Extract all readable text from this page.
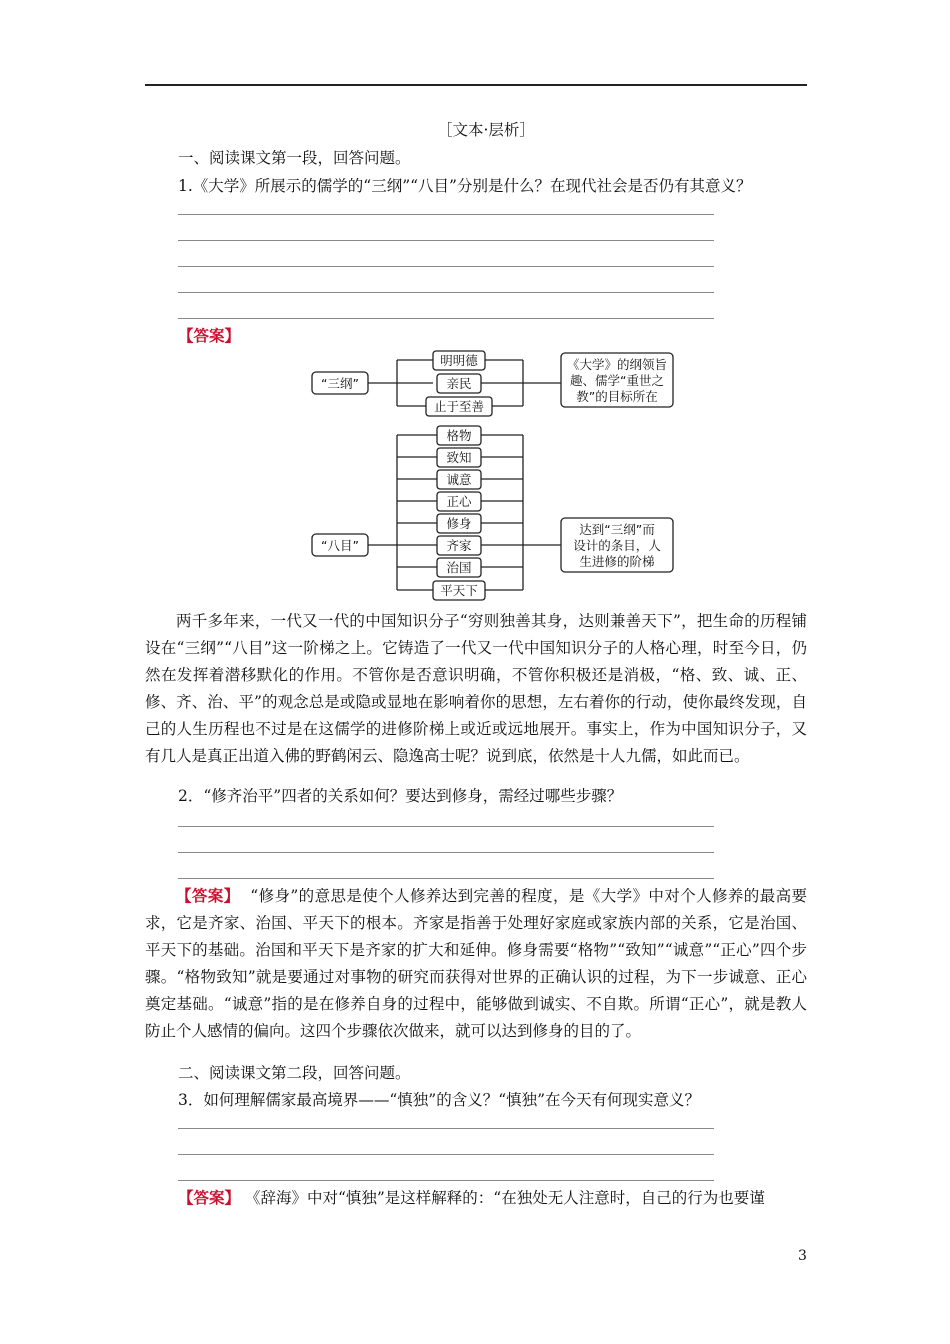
［文本·层析］
一、阅读课文第一段，回答问题。
1.《大学》所展示的儒学的“三纲”“八目”分别是什么？在现代社会是否仍有其意义？
【答案】
“三纲”
明明德
亲民
止于至善
《大学》的纲领旨
趣、儒学“重世之
教”的目标所在
“八目”
格物
致知
诚意
正心
修身
齐家
治国
平天下
达到“三纲”而
设计的条目，人
生进修的阶梯

两千多年来，一代又一代的中国知识分子“穷则独善其身，达则兼善天下”，把生命的历程铺设在“三纲”“八目”这一阶梯之上。它铸造了一代又一代中国知识分子的人格心理，时至今日，仍然在发挥着潜移默化的作用。不管你是否意识明确，不管你积极还是消极，“格、致、诚、正、修、齐、治、平”的观念总是或隐或显地在影响着你的思想，左右着你的行动，使你最终发现，自己的人生历程也不过是在这儒学的进修阶梯上或近或远地展开。事实上，作为中国知识分子，又有几人是真正出道入佛的野鹤闲云、隐逸高士呢？说到底，依然是十人九儒，如此而已。

2．“修齐治平”四者的关系如何？要达到修身，需经过哪些步骤？

【答案】 “修身”的意思是使个人修养达到完善的程度，是《大学》中对个人修养的最高要求，它是齐家、治国、平天下的根本。齐家是指善于处理好家庭或家族内部的关系，它是治国、平天下的基础。治国和平天下是齐家的扩大和延伸。修身需要“格物”“致知”“诚意”“正心”四个步骤。“格物致知”就是要通过对事物的研究而获得对世界的正确认识的过程，为下一步诚意、正心奠定基础。“诚意”指的是在修养自身的过程中，能够做到诚实、不自欺。所谓“正心”，就是教人防止个人感情的偏向。这四个步骤依次做来，就可以达到修身的目的了。

二、阅读课文第二段，回答问题。
3．如何理解儒家最高境界——“慎独”的含义？“慎独”在今天有何现实意义？
【答案】 《辞海》中对“慎独”是这样解释的：“在独处无人注意时，自己的行为也要谨
3
